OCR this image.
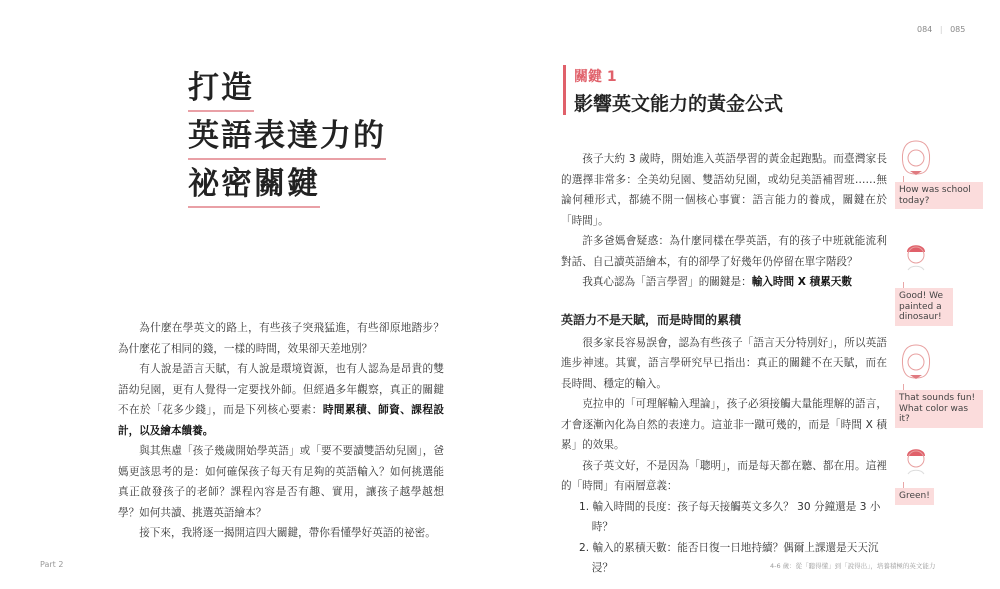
打造
英語表達力的
祕密關鍵

為什麼在學英文的路上，有些孩子突飛猛進，有些卻原地踏步？為什麼花了相同的錢，一樣的時間，效果卻天差地別？

有人說是語言天賦，有人說是環境資源，也有人認為是昂貴的雙語幼兒園，更有人覺得一定要找外師。但經過多年觀察，真正的關鍵不在於「花多少錢」，而是下列核心要素：時間累積、師資、課程設計，以及繪本饋養。

與其焦慮「孩子幾歲開始學英語」或「要不要讀雙語幼兒園」，爸媽更該思考的是：如何確保孩子每天有足夠的英語輸入？如何挑選能真正啟發孩子的老師？課程內容是否有趣、實用，讓孩子越學越想學？如何共讀、挑選英語繪本？

接下來，我將逐一揭開這四大關鍵，帶你看懂學好英語的祕密。

Part 2
084 | 085
關鍵 1
影響英文能力的黃金公式

孩子大約 3 歲時，開始進入英語學習的黃金起跑點。而臺灣家長的選擇非常多：全美幼兒園、雙語幼兒園，或幼兒美語補習班……無論何種形式，都繞不開一個核心事實：語言能力的養成，關鍵在於「時間」。

許多爸媽會疑惑：為什麼同樣在學英語，有的孩子中班就能流利對話、自己讀英語繪本，有的卻學了好幾年仍停留在單字階段？

我真心認為「語言學習」的關鍵是：輸入時間 X 積累天數

英語力不是天賦，而是時間的累積

很多家長容易誤會，認為有些孩子「語言天分特別好」，所以英語進步神速。其實，語言學研究早已指出：真正的關鍵不在天賦，而在長時間、穩定的輸入。

克拉申的「可理解輸入理論」，孩子必須接觸大量能理解的語言，才會逐漸內化為自然的表達力。這並非一蹴可幾的，而是「時間 X 積累」的效果。

孩子英文好，不是因為「聰明」，而是每天都在聽、都在用。這裡的「時間」有兩層意義：

1. 輸入時間的長度：孩子每天接觸英文多久？ 30 分鐘還是 3 小時？

2. 輸入的累積天數：能否日復一日地持續？偶爾上課還是天天沉浸？

How was school today?
Good! We painted a dinosaur!
That sounds fun! What color was it?
Green!
4-6 歲：從「聽得懂」到「說得出」，培養積極的英文能力
